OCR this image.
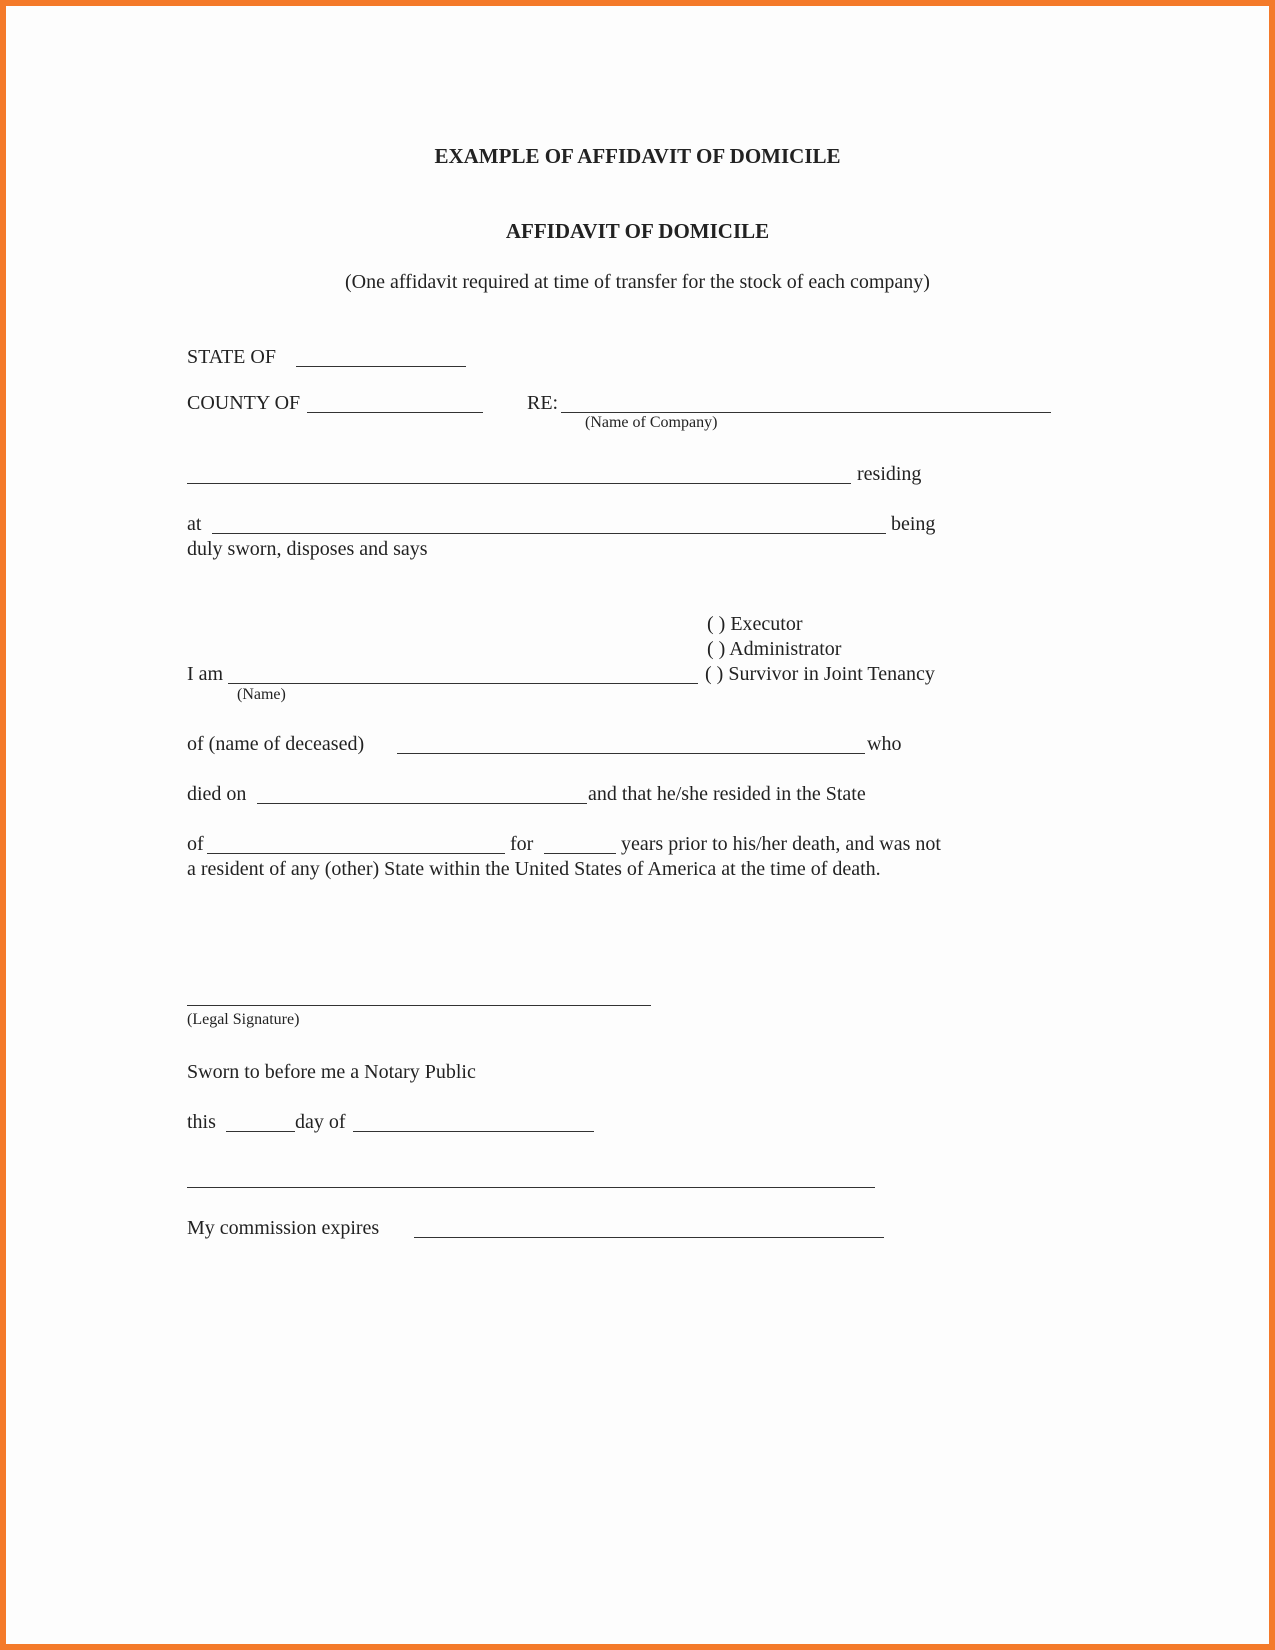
EXAMPLE OF AFFIDAVIT OF DOMICILE
AFFIDAVIT OF DOMICILE
(One affidavit required at time of transfer for the stock of each company)
STATE OF
COUNTY OF	RE:
(Name of Company)
residing
at	being
duly sworn, disposes and says
( ) Executor
( ) Administrator
( ) Survivor in Joint Tenancy
I am
(Name)
of (name of deceased)	who
died on	and that he/she resided in the State
of	for	years prior to his/her death, and was not
a resident of any (other) State within the United States of America at the time of death.
(Legal Signature)
Sworn to before me a Notary Public
this	day of
My commission expires
